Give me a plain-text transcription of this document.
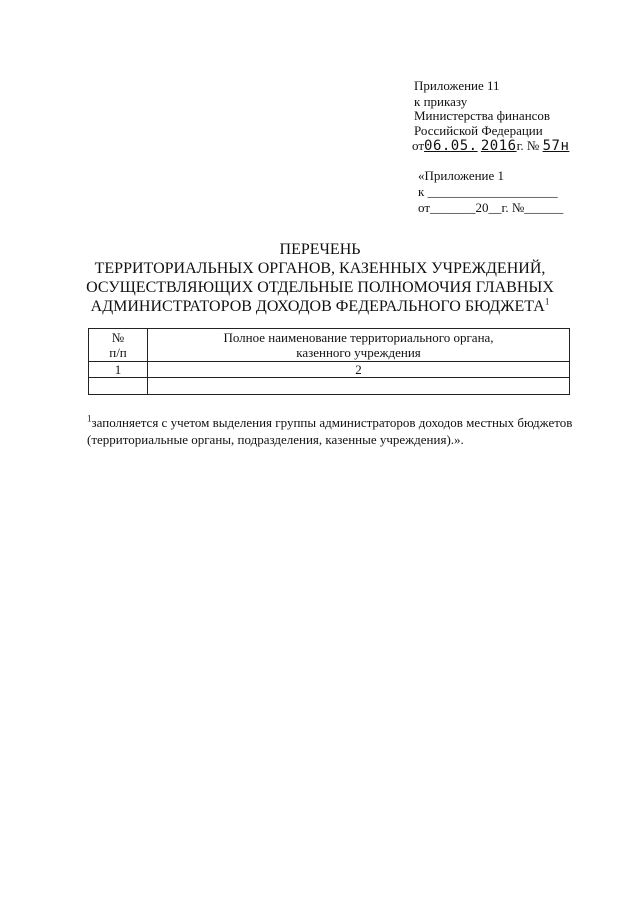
Приложение 11
к приказу
Министерства финансов
Российской Федерации
от06.05. 2016г. № 57н
«Приложение 1
к ____________________
от_______20__г. №______
ПЕРЕЧЕНЬ
ТЕРРИТОРИАЛЬНЫХ ОРГАНОВ, КАЗЕННЫХ УЧРЕЖДЕНИЙ,
ОСУЩЕСТВЛЯЮЩИХ ОТДЕЛЬНЫЕ ПОЛНОМОЧИЯ ГЛАВНЫХ
АДМИНИСТРАТОРОВ ДОХОДОВ ФЕДЕРАЛЬНОГО БЮДЖЕТА$^1$
№
п/п	Полное наименование территориального органа, казенного учреждения
1	2

$^1$заполняется с учетом выделения группы администраторов доходов местных бюджетов (территориальные органы, подразделения, казенные учреждения).».
